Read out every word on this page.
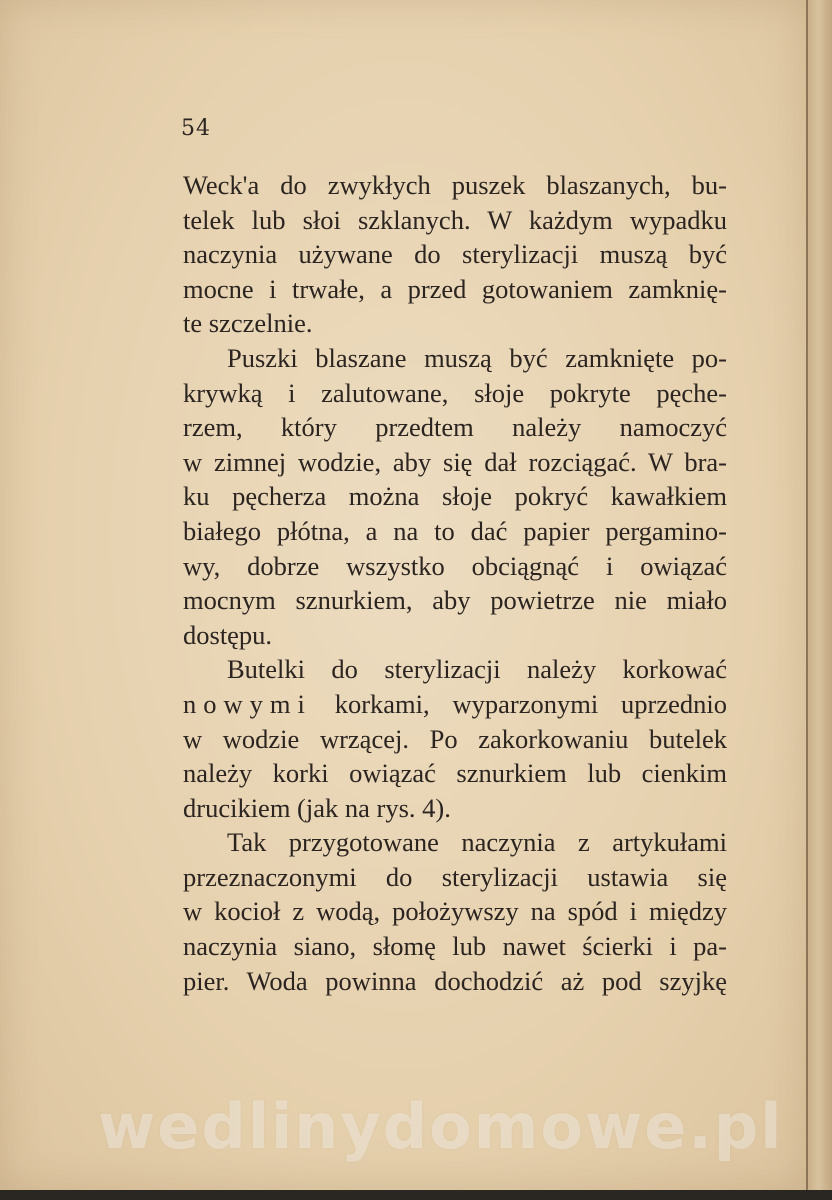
54
Weck'a do zwykłych puszek blaszanych, bu-
telek lub słoi szklanych. W każdym wypadku
naczynia używane do sterylizacji muszą być
mocne i trwałe, a przed gotowaniem zamknię-
te szczelnie.
Puszki blaszane muszą być zamknięte po-
krywką i zalutowane, słoje pokryte pęche-
rzem, który przedtem należy namoczyć
w zimnej wodzie, aby się dał rozciągać. W bra-
ku pęcherza można słoje pokryć kawałkiem
białego płótna, a na to dać papier pergamino-
wy, dobrze wszystko obciągnąć i owiązać
mocnym sznurkiem, aby powietrze nie miało
dostępu.
Butelki do sterylizacji należy korkować
nowymi korkami, wyparzonymi uprzednio
w wodzie wrzącej. Po zakorkowaniu butelek
należy korki owiązać sznurkiem lub cienkim
drucikiem (jak na rys. 4).
Tak przygotowane naczynia z artykułami
przeznaczonymi do sterylizacji ustawia się
w kocioł z wodą, położywszy na spód i między
naczynia siano, słomę lub nawet ścierki i pa-
pier. Woda powinna dochodzić aż pod szyjkę
wedlinydomowe.pl
